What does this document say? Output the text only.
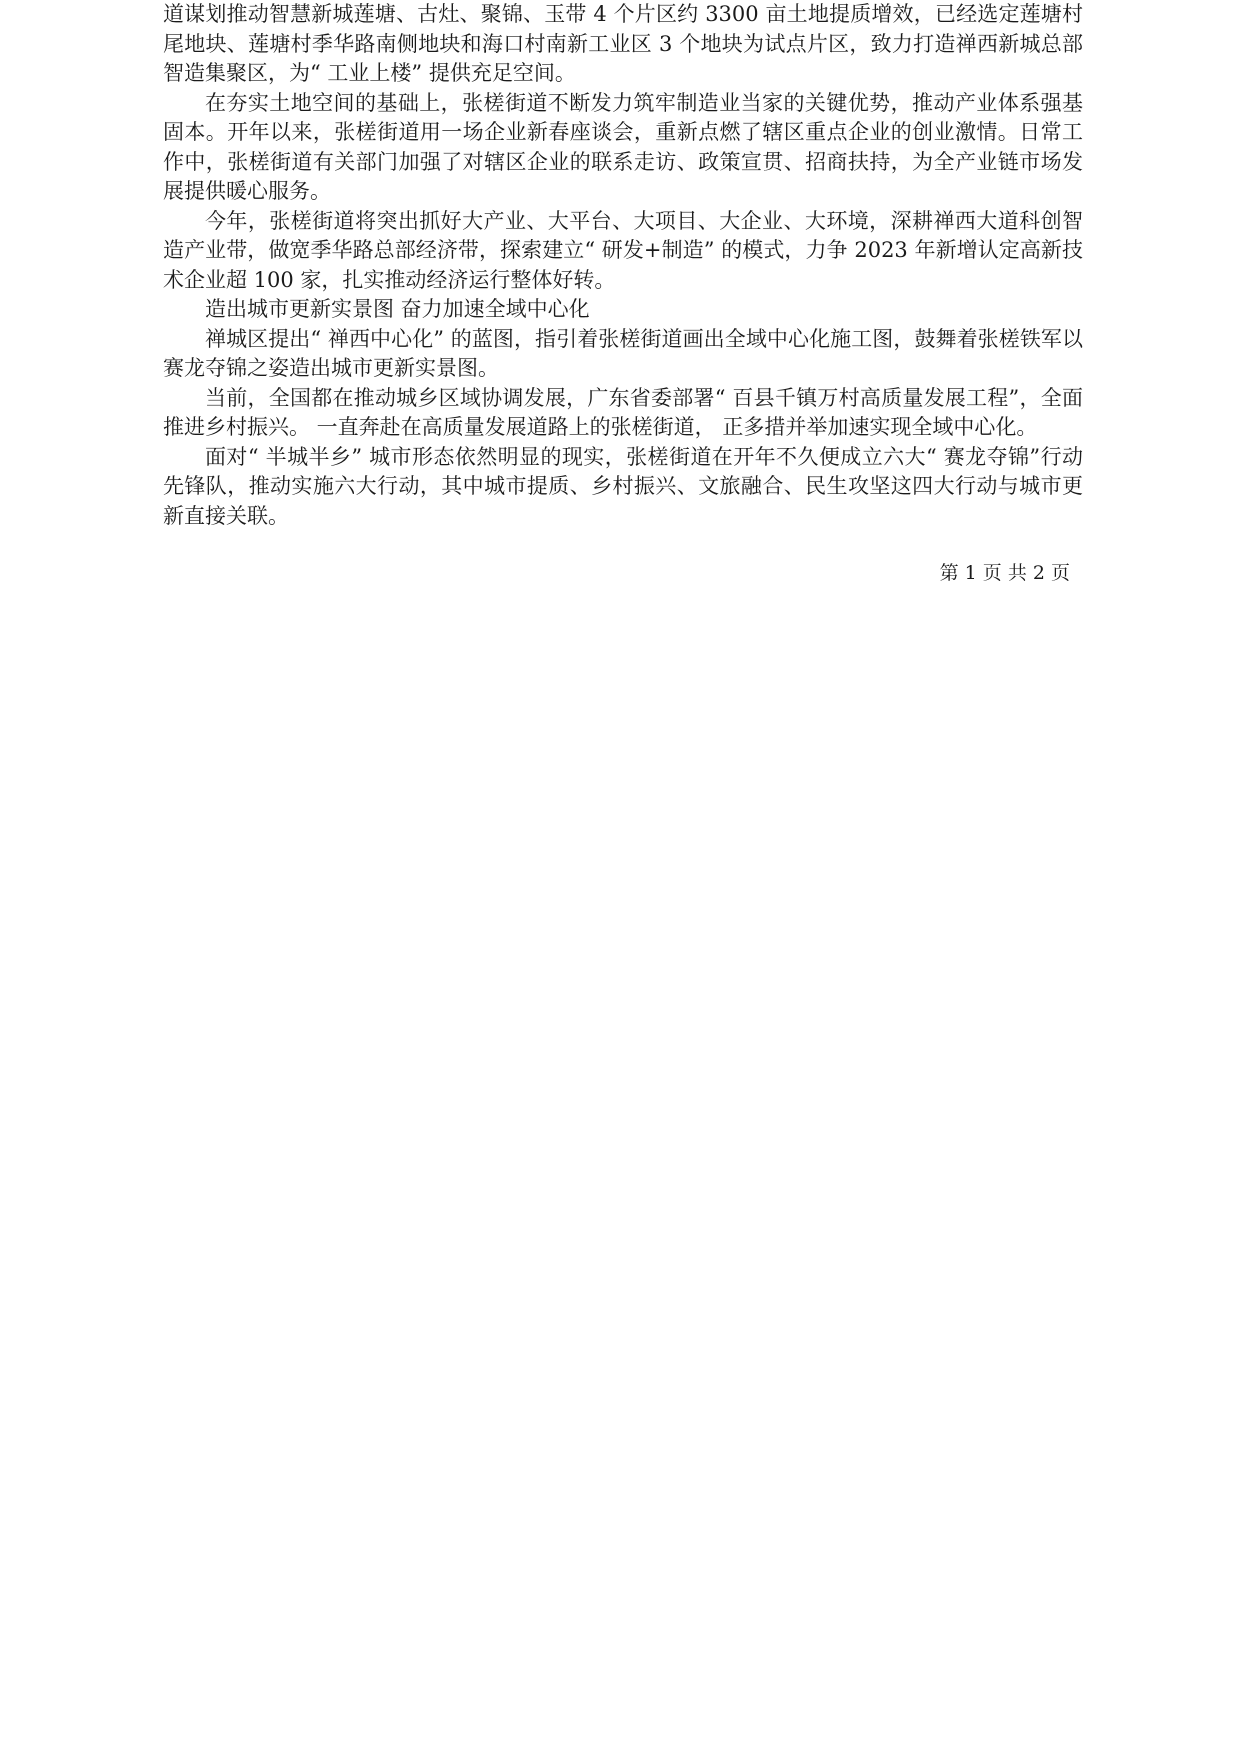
道谋划推动智慧新城莲塘、古灶、聚锦、玉带 4 个片区约 3300 亩土地提质增效，已经选定莲塘村尾地块、莲塘村季华路南侧地块和海口村南新工业区 3 个地块为试点片区，致力打造禅西新城总部智造集聚区，为“ 工业上楼” 提供充足空间。

在夯实土地空间的基础上，张槎街道不断发力筑牢制造业当家的关键优势，推动产业体系强基固本。开年以来，张槎街道用一场企业新春座谈会，重新点燃了辖区重点企业的创业激情。日常工作中，张槎街道有关部门加强了对辖区企业的联系走访、政策宣贯、招商扶持，为全产业链市场发展提供暖心服务。

今年，张槎街道将突出抓好大产业、大平台、大项目、大企业、大环境，深耕禅西大道科创智造产业带，做宽季华路总部经济带，探索建立“ 研发+制造” 的模式，力争 2023 年新增认定高新技术企业超 100 家，扎实推动经济运行整体好转。

造出城市更新实景图 奋力加速全域中心化

禅城区提出“ 禅西中心化” 的蓝图，指引着张槎街道画出全域中心化施工图，鼓舞着张槎铁军以赛龙夺锦之姿造出城市更新实景图。

当前，全国都在推动城乡区域协调发展，广东省委部署“ 百县千镇万村高质量发展工程”，全面推进乡村振兴。 一直奔赴在高质量发展道路上的张槎街道， 正多措并举加速实现全域中心化。

面对“ 半城半乡” 城市形态依然明显的现实，张槎街道在开年不久便成立六大“ 赛龙夺锦”行动先锋队，推动实施六大行动，其中城市提质、乡村振兴、文旅融合、民生攻坚这四大行动与城市更新直接关联。

第 1 页 共 2 页
